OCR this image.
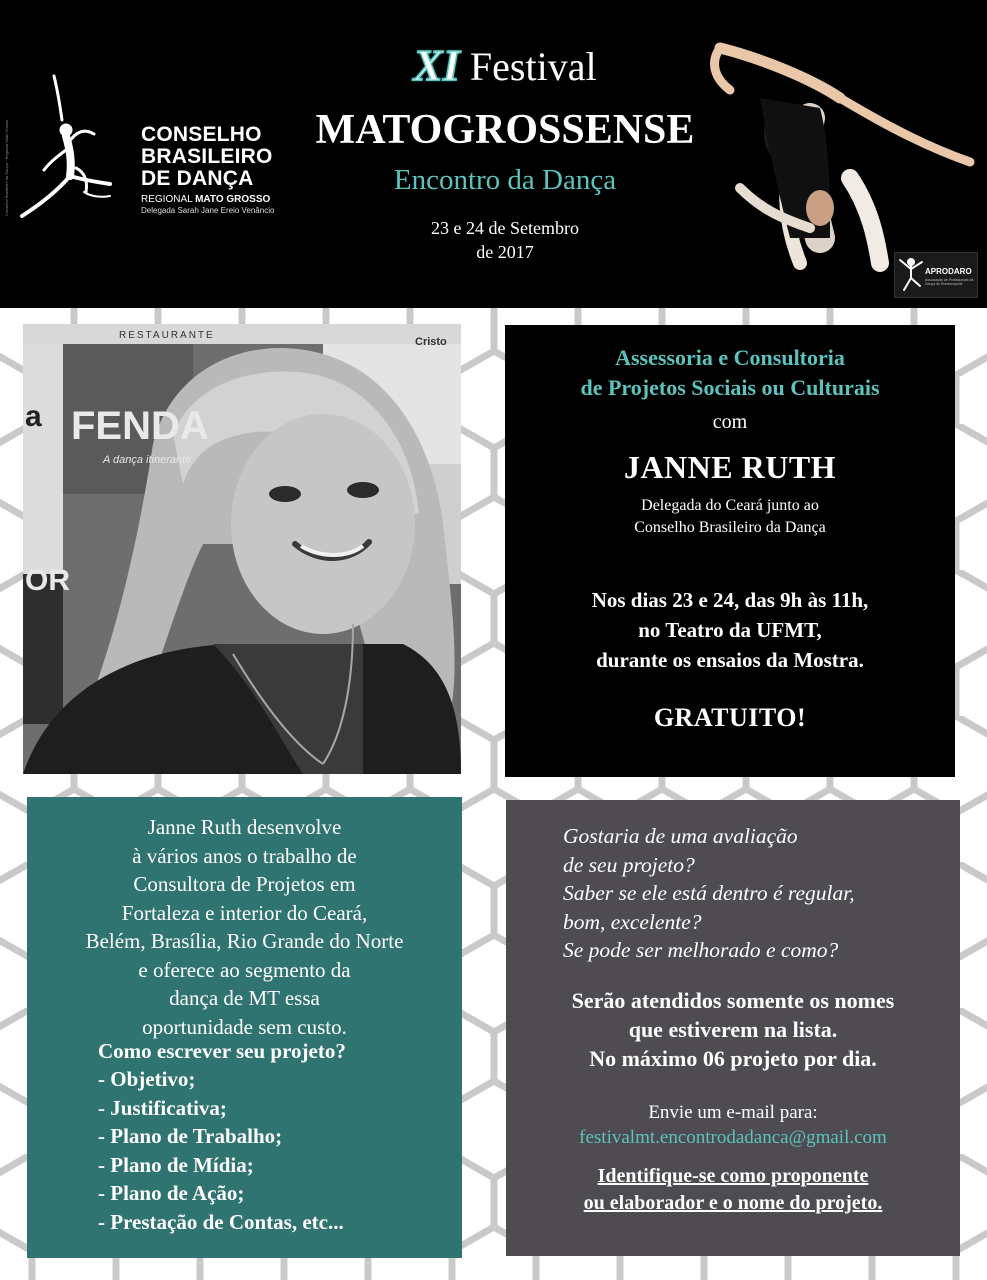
Conselho Brasileiro da Dança · Regional Mato Grosso	CONSELHO
BRASILEIRO
DE DANÇA
REGIONAL MATO GROSSO
Delegada Sarah Jane Ereio Venâncio
XI Festival
MATOGROSSENSE
Encontro da Dança
23 e 24 de Setembro
de 2017
APRODARO
Associação de Profissionais da Dança de Rondonópolis
RESTAURANTE
FENDA
A dança itinerante
Cristo
a
OR
Assessoria e Consultoria
de Projetos Sociais ou Culturais
com
JANNE RUTH
Delegada do Ceará junto ao
Conselho Brasileiro da Dança
Nos dias 23 e 24, das 9h às 11h,
no Teatro da UFMT,
durante os ensaios da Mostra.
GRATUITO!
Janne Ruth desenvolve
à vários anos o trabalho de
Consultora de Projetos em
Fortaleza e interior do Ceará,
Belém, Brasília, Rio Grande do Norte
e oferece ao segmento da
dança de MT essa
oportunidade sem custo.
Como escrever seu projeto?
- Objetivo;
- Justificativa;
- Plano de Trabalho;
- Plano de Mídia;
- Plano de Ação;
- Prestação de Contas, etc...
Gostaria de uma avaliação
de seu projeto?
Saber se ele está dentro é regular,
bom, excelente?
Se pode ser melhorado e como?
Serão atendidos somente os nomes
que estiverem na lista.
No máximo 06 projeto por dia.
Envie um e-mail para:
festivalmt.encontrodadanca@gmail.com
Identifique-se como proponente
ou elaborador e o nome do projeto.
